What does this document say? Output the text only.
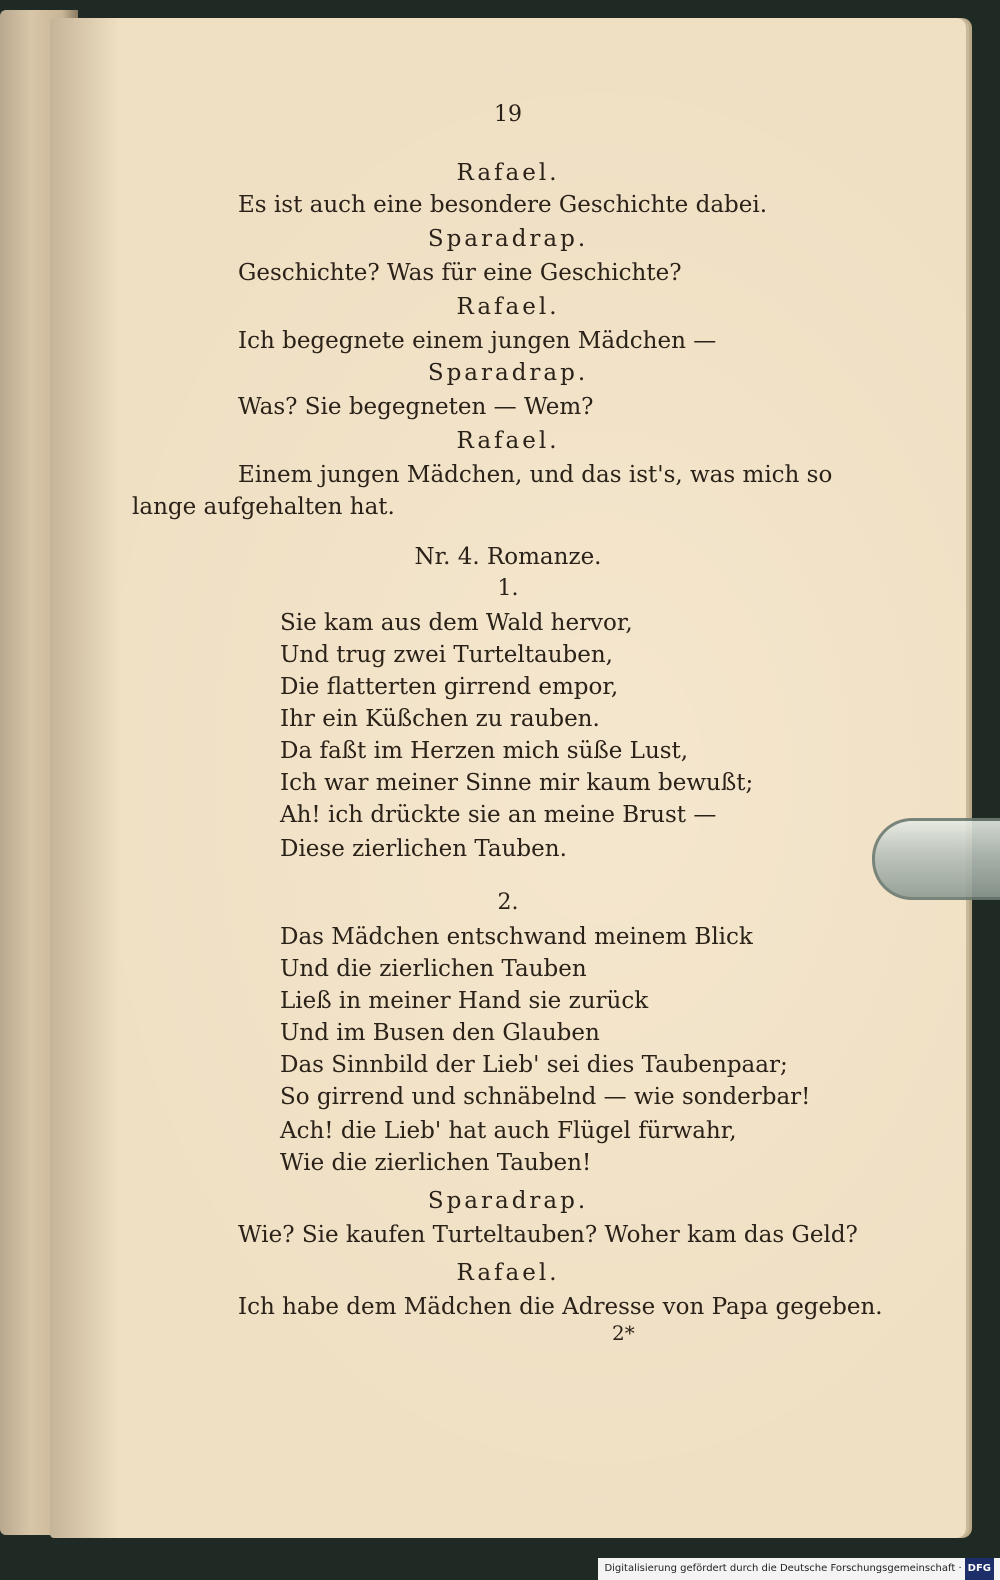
19

Rafael.

Es ist auch eine besondere Geschichte dabei.

Sparadrap.

Geschichte? Was für eine Geschichte?

Rafael.

Ich begegnete einem jungen Mädchen —

Sparadrap.

Was? Sie begegneten — Wem?

Rafael.

Einem jungen Mädchen, und das ist's, was mich so

lange aufgehalten hat.

Nr. 4. Romanze.

1.

Sie kam aus dem Wald hervor,

Und trug zwei Turteltauben,

Die flatterten girrend empor,

Ihr ein Küßchen zu rauben.

Da faßt im Herzen mich süße Lust,

Ich war meiner Sinne mir kaum bewußt;

Ah! ich drückte sie an meine Brust —

Diese zierlichen Tauben.

2.

Das Mädchen entschwand meinem Blick

Und die zierlichen Tauben

Ließ in meiner Hand sie zurück

Und im Busen den Glauben

Das Sinnbild der Lieb' sei dies Taubenpaar;

So girrend und schnäbelnd — wie sonderbar!

Ach! die Lieb' hat auch Flügel fürwahr,

Wie die zierlichen Tauben!

Sparadrap.

Wie? Sie kaufen Turteltauben? Woher kam das Geld?

Rafael.

Ich habe dem Mädchen die Adresse von Papa gegeben.

2*

Digitalisierung gefördert durch die Deutsche Forschungsgemeinschaft · DFG
